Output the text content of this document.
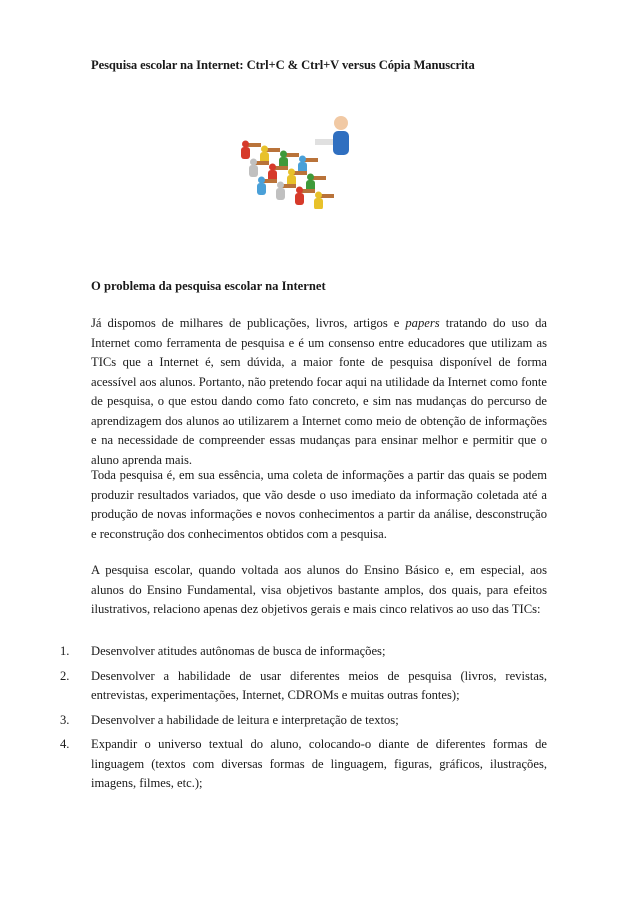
Pesquisa escolar na Internet: Ctrl+C & Ctrl+V versus Cópia Manuscrita
O problema da pesquisa escolar na Internet

Já dispomos de milhares de publicações, livros, artigos e papers tratando do uso da Internet como ferramenta de pesquisa e é um consenso entre educadores que utilizam as TICs que a Internet é, sem dúvida, a maior fonte de pesquisa disponível de forma acessível aos alunos. Portanto, não pretendo focar aqui na utilidade da Internet como fonte de pesquisa, o que estou dando como fato concreto, e sim nas mudanças do percurso de aprendizagem dos alunos ao utilizarem a Internet como meio de obtenção de informações e na necessidade de compreender essas mudanças para ensinar melhor e permitir que o aluno aprenda mais.

Toda pesquisa é, em sua essência, uma coleta de informações a partir das quais se podem produzir resultados variados, que vão desde o uso imediato da informação coletada até a produção de novas informações e novos conhecimentos a partir da análise, desconstrução e reconstrução dos conhecimentos obtidos com a pesquisa.

A pesquisa escolar, quando voltada aos alunos do Ensino Básico e, em especial, aos alunos do Ensino Fundamental, visa objetivos bastante amplos, dos quais, para efeitos ilustrativos, relaciono apenas dez objetivos gerais e mais cinco relativos ao uso das TICs:

1. Desenvolver atitudes autônomas de busca de informações;
2. Desenvolver a habilidade de usar diferentes meios de pesquisa (livros, revistas, entrevistas, experimentações, Internet, CDROMs e muitas outras fontes);
3. Desenvolver a habilidade de leitura e interpretação de textos;
4. Expandir o universo textual do aluno, colocando-o diante de diferentes formas de linguagem (textos com diversas formas de linguagem, figuras, gráficos, ilustrações, imagens, filmes, etc.);
